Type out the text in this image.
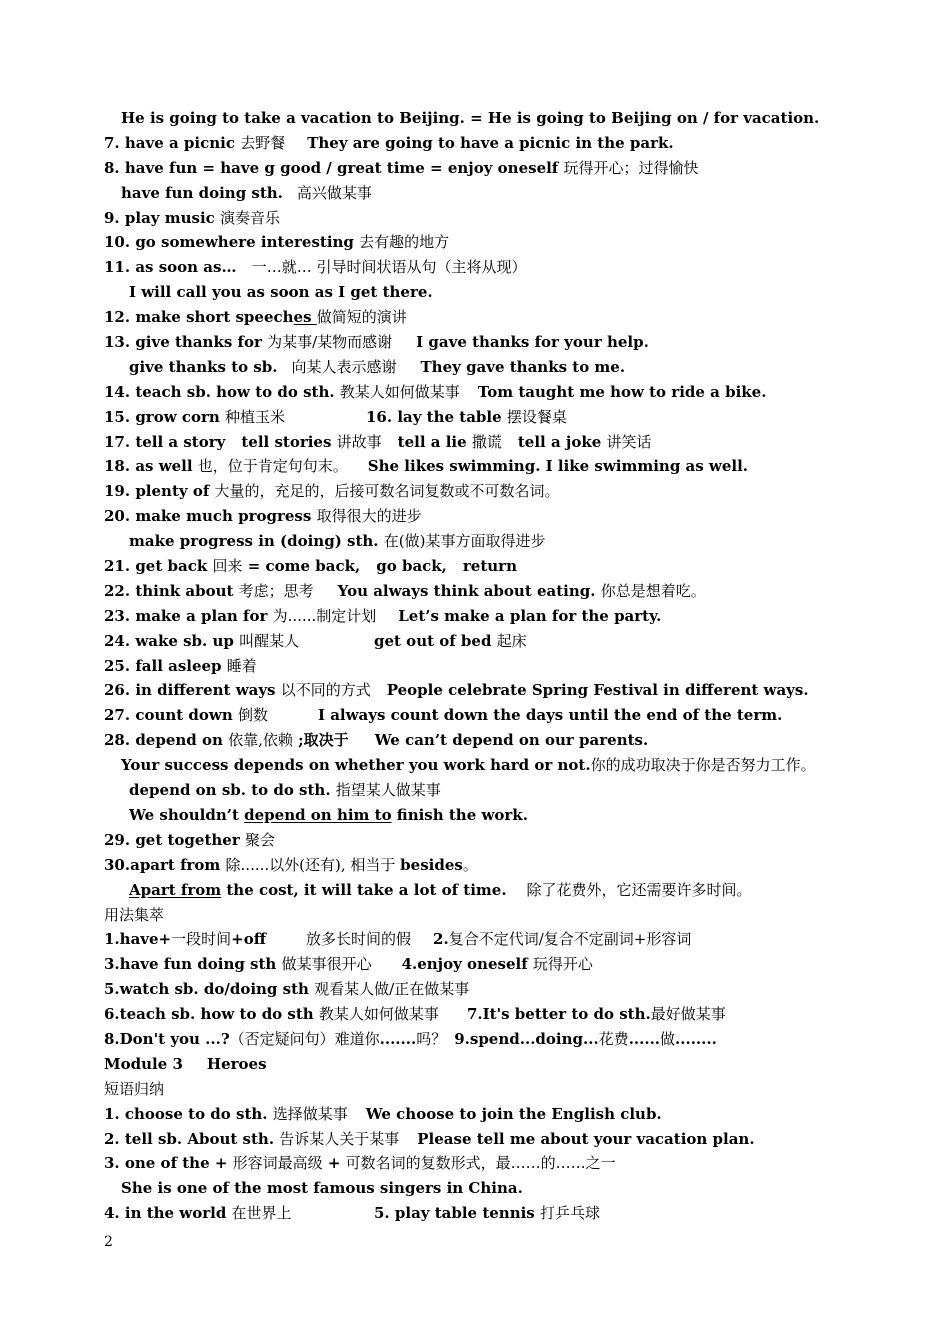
He is going to take a vacation to Beijing. = He is going to Beijing on / for vacation.
7. have a picnic 去野餐 They are going to have a picnic in the park.
8. have fun = have g good / great time = enjoy oneself 玩得开心；过得愉快
have fun doing sth. 高兴做某事
9. play music 演奏音乐
10. go somewhere interesting 去有趣的地方
11. as soon as… 一…就… 引导时间状语从句（主将从现）
I will call you as soon as I get there.
12. make short speeches 做简短的演讲
13. give thanks for 为某事/某物而感谢 I gave thanks for your help.
give thanks to sb. 向某人表示感谢 They gave thanks to me.
14. teach sb. how to do sth. 教某人如何做某事 Tom taught me how to ride a bike.
15. grow corn 种植玉米	16. lay the table 摆设餐桌
17. tell a story tell stories 讲故事 tell a lie 撒谎 tell a joke 讲笑话
18. as well 也，位于肯定句句末。 She likes swimming. I like swimming as well.
19. plenty of 大量的，充足的，后接可数名词复数或不可数名词。
20. make much progress 取得很大的进步
make progress in (doing) sth. 在(做)某事方面取得进步
21. get back 回来 = come back, go back, return
22. think about 考虑；思考 You always think about eating. 你总是想着吃。
23. make a plan for 为......制定计划 Let’s make a plan for the party.
24. wake sb. up 叫醒某人	get out of bed 起床
25. fall asleep 睡着
26. in different ways 以不同的方式 People celebrate Spring Festival in different ways.
27. count down 倒数	I always count down the days until the end of the term.
28. depend on 依靠,依赖 ;取决于 We can’t depend on our parents.
Your success depends on whether you work hard or not.你的成功取决于你是否努力工作。
depend on sb. to do sth. 指望某人做某事
We shouldn’t depend on him to finish the work.
29. get together 聚会
30.apart from 除......以外(还有), 相当于 besides。
Apart from the cost, it will take a lot of time. 除了花费外，它还需要许多时间。
用法集萃
1.have+一段时间+off	放多长时间的假 2.复合不定代词/复合不定副词+形容词
3.have fun doing sth 做某事很开心 4.enjoy oneself 玩得开心
5.watch sb. do/doing sth 观看某人做/正在做某事
6.teach sb. how to do sth 教某人如何做某事 7.It's better to do sth.最好做某事
8.Don't you ...?（否定疑问句）难道你.......吗？ 9.spend...doing...花费......做........
Module 3 Heroes
短语归纳
1. choose to do sth. 选择做某事 We choose to join the English club.
2. tell sb. About sth. 告诉某人关于某事 Please tell me about your vacation plan.
3. one of the + 形容词最高级 + 可数名词的复数形式，最……的……之一
She is one of the most famous singers in China.
4. in the world 在世界上	5. play table tennis 打乒乓球
2
